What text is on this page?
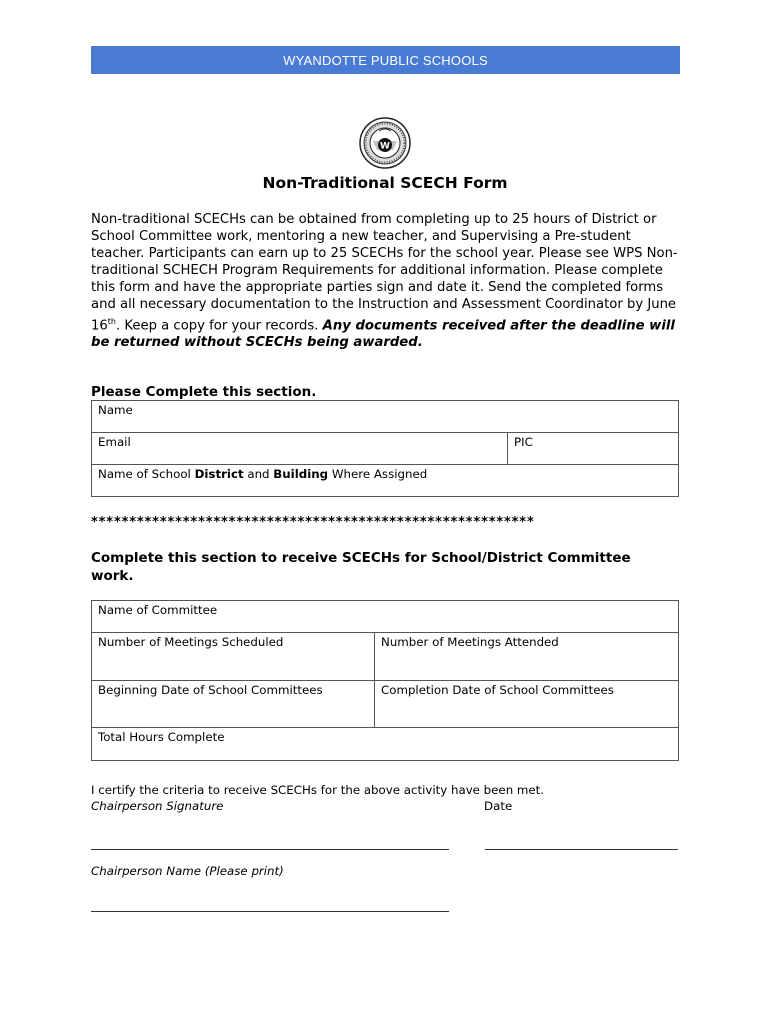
WYANDOTTE PUBLIC SCHOOLS
W
Non-Traditional SCECH Form
Non-traditional SCECHs can be obtained from completing up to 25 hours of District or School Committee work, mentoring a new teacher, and Supervising a Pre-student teacher. Participants can earn up to 25 SCECHs for the school year. Please see WPS Non-traditional SCHECH Program Requirements for additional information. Please complete this form and have the appropriate parties sign and date it. Send the completed forms and all necessary documentation to the Instruction and Assessment Coordinator by June 16th. Keep a copy for your records. Any documents received after the deadline will be returned without SCECHs being awarded.
Please Complete this section.
Name
Email	PIC
Name of School District and Building Where Assigned
**********************************************************
Complete this section to receive SCECHs for School/District Committee
work.
Name of Committee	
Number of Meetings Scheduled	Number of Meetings Attended
Beginning Date of School Committees	Completion Date of School Committees
Total Hours Complete	
I certify the criteria to receive SCECHs for the above activity have been met.
Chairperson Signature	Date
Chairperson Name (Please print)
